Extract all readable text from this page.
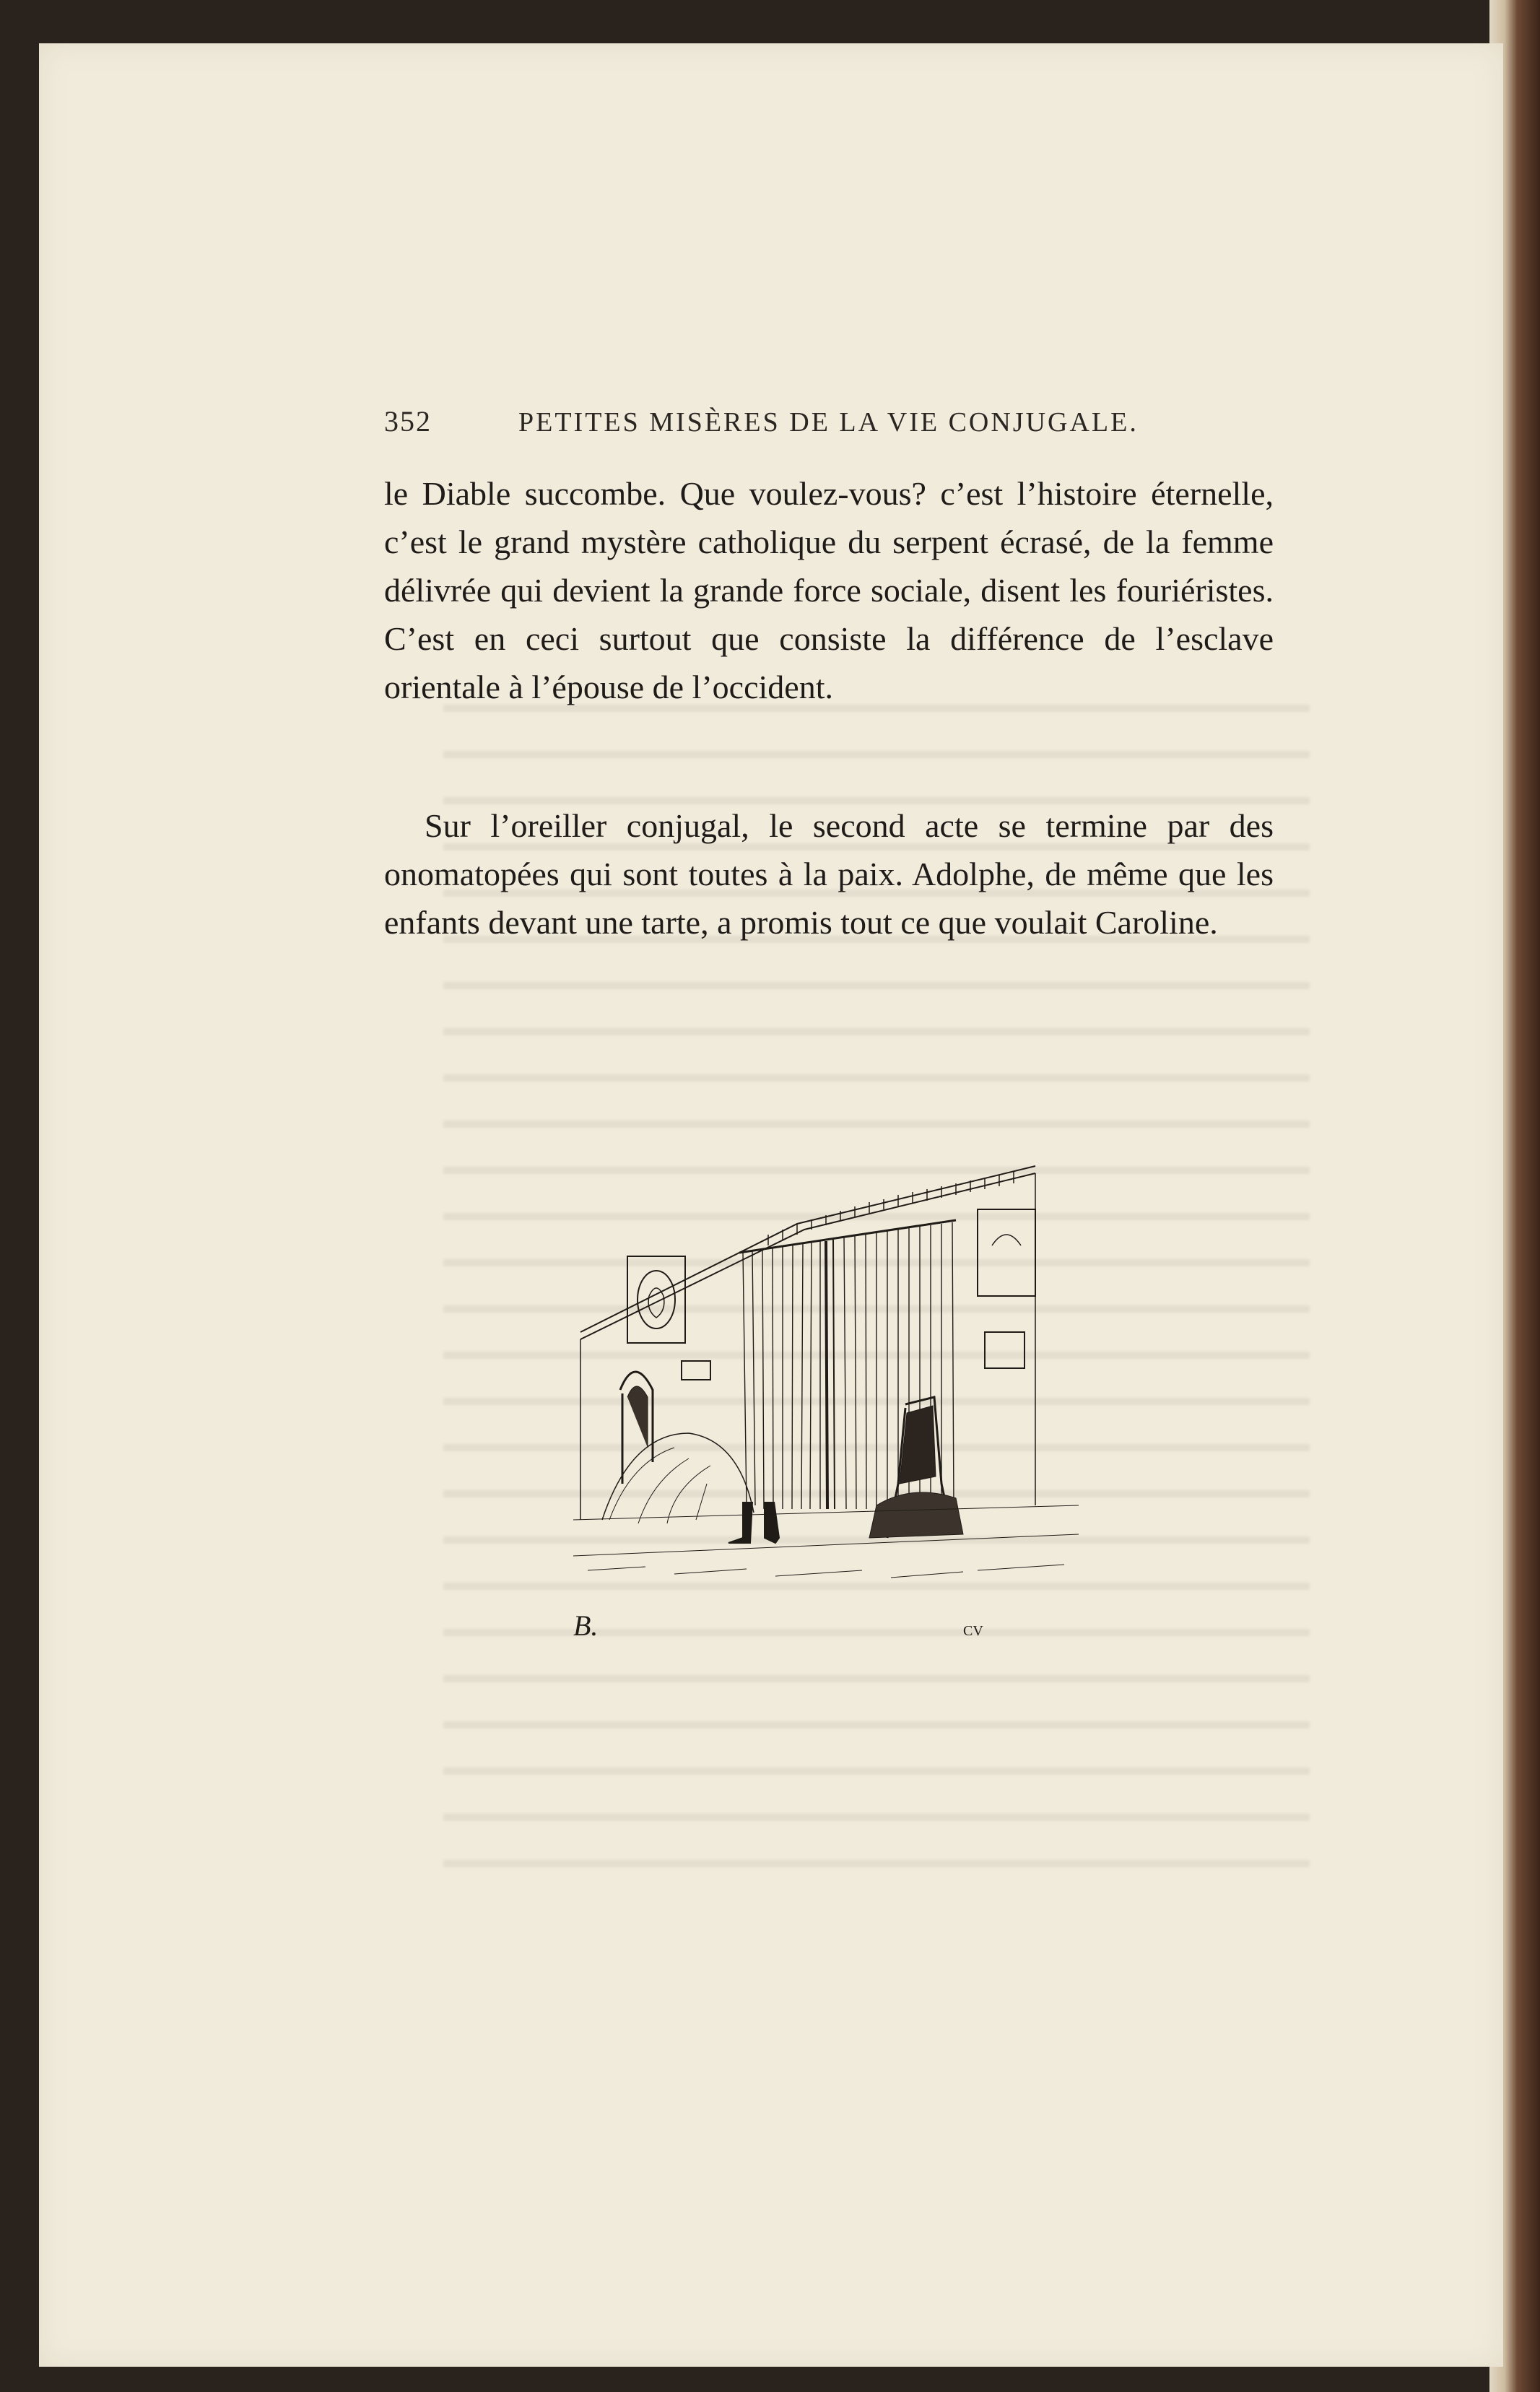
352	PETITES MISÈRES DE LA VIE CONJUGALE.

le Diable succombe. Que voulez-vous? c’est l’histoire éternelle, c’est le grand mystère catholique du serpent écrasé, de la femme délivrée qui devient la grande force sociale, disent les fouriéristes. C’est en ceci surtout que consiste la différence de l’esclave orientale à l’épouse de l’occident.

Sur l’oreiller conjugal, le second acte se termine par des onomatopées qui sont toutes à la paix. Adolphe, de même que les enfants devant une tarte, a promis tout ce que voulait Caroline.

B.	CV
